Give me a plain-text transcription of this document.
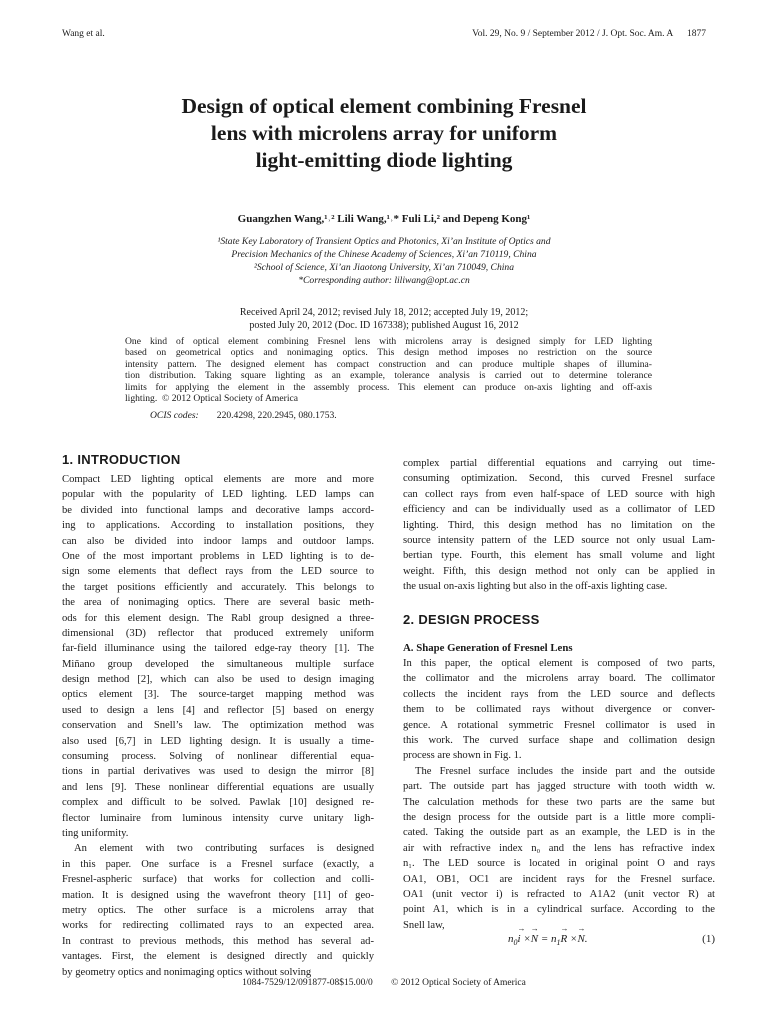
Wang et al.	Vol. 29, No. 9 / September 2012 / J. Opt. Soc. Am. A      1877
Design of optical element combining Fresnel
lens with microlens array for uniform
light-emitting diode lighting
Guangzhen Wang,¹˒² Lili Wang,¹˒* Fuli Li,² and Depeng Kong¹
¹State Key Laboratory of Transient Optics and Photonics, Xi’an Institute of Optics and
Precision Mechanics of the Chinese Academy of Sciences, Xi’an 710119, China
²School of Science, Xi’an Jiaotong University, Xi’an 710049, China
*Corresponding author: liliwang@opt.ac.cn
Received April 24, 2012; revised July 18, 2012; accepted July 19, 2012;
posted July 20, 2012 (Doc. ID 167338); published August 16, 2012
One kind of optical element combining Fresnel lens with microlens array is designed simply for LED lighting
based on geometrical optics and nonimaging optics. This design method imposes no restriction on the source
intensity pattern. The designed element has compact construction and can produce multiple shapes of illumina-
tion distribution. Taking square lighting as an example, tolerance analysis is carried out to determine tolerance
limits for applying the element in the assembly process. This element can produce on-axis lighting and off-axis
lighting.  © 2012 Optical Society of America
OCIS codes: 220.4298, 220.2945, 080.1753.
1. INTRODUCTION
Compact LED lighting optical elements are more and more
popular with the popularity of LED lighting. LED lamps can
be divided into functional lamps and decorative lamps accord-
ing to applications. According to installation positions, they
can also be divided into indoor lamps and outdoor lamps.
One of the most important problems in LED lighting is to de-
sign some elements that deflect rays from the LED source to
the target positions efficiently and accurately. This belongs to
the area of nonimaging optics. There are several basic meth-
ods for this element design. The Rabl group designed a three-
dimensional (3D) reflector that produced extremely uniform
far-field illuminance using the tailored edge-ray theory [1]. The
Miñano group developed the simultaneous multiple surface
design method [2], which can also be used to design imaging
optics element [3]. The source-target mapping method was
used to design a lens [4] and reflector [5] based on energy
conservation and Snell’s law. The optimization method was
also used [6,7] in LED lighting design. It is usually a time-
consuming process. Solving of nonlinear differential equa-
tions in partial derivatives was used to design the mirror [8]
and lens [9]. These nonlinear differential equations are usually
complex and difficult to be solved. Pawlak [10] designed re-
flector luminaire from luminous intensity curve unitary ligh-
ting uniformity.
An element with two contributing surfaces is designed
in this paper. One surface is a Fresnel surface (exactly, a
Fresnel-aspheric surface) that works for collection and colli-
mation. It is designed using the wavefront theory [11] of geo-
metry optics. The other surface is a microlens array that
works for redirecting collimated rays to an expected area.
In contrast to previous methods, this method has several ad-
vantages. First, the element is designed directly and quickly
by geometry optics and nonimaging optics without solving
complex partial differential equations and carrying out time-
consuming optimization. Second, this curved Fresnel surface
can collect rays from even half-space of LED source with high
efficiency and can be individually used as a collimator of LED
lighting. Third, this design method has no limitation on the
source intensity pattern of the LED source not only usual Lam-
bertian type. Fourth, this element has small volume and light
weight. Fifth, this design method not only can be applied in
the usual on-axis lighting but also in the off-axis lighting case.
A. Shape Generation of Fresnel Lens
In this paper, the optical element is composed of two parts,
the collimator and the microlens array board. The collimator
collects the incident rays from the LED source and deflects
them to be collimated rays without divergence or conver-
gence. A rotational symmetric Fresnel collimator is used in
this work. The curved surface shape and collimation design
process are shown in Fig. 1.
The Fresnel surface includes the inside part and the outside
part. The outside part has jagged structure with tooth width w.
The calculation methods for these two parts are the same but
the design process for the outside part is a little more compli-
cated. Taking the outside part as an example, the LED is in the
air with refractive index n₀ and the lens has refractive index
n₁. The LED source is located in original point O and rays
OA1, OB1, OC1 are incident rays for the Fresnel surface.
OA1 (unit vector i) is refracted to A1A2 (unit vector R) at
point A1, which is in a cylindrical surface. According to the
Snell law,
2. DESIGN PROCESS
$n_0\to i \times\to N = n_1\to R \times\to N$.	(1)
1084-7529/12/091877-08$15.00/0 © 2012 Optical Society of America
